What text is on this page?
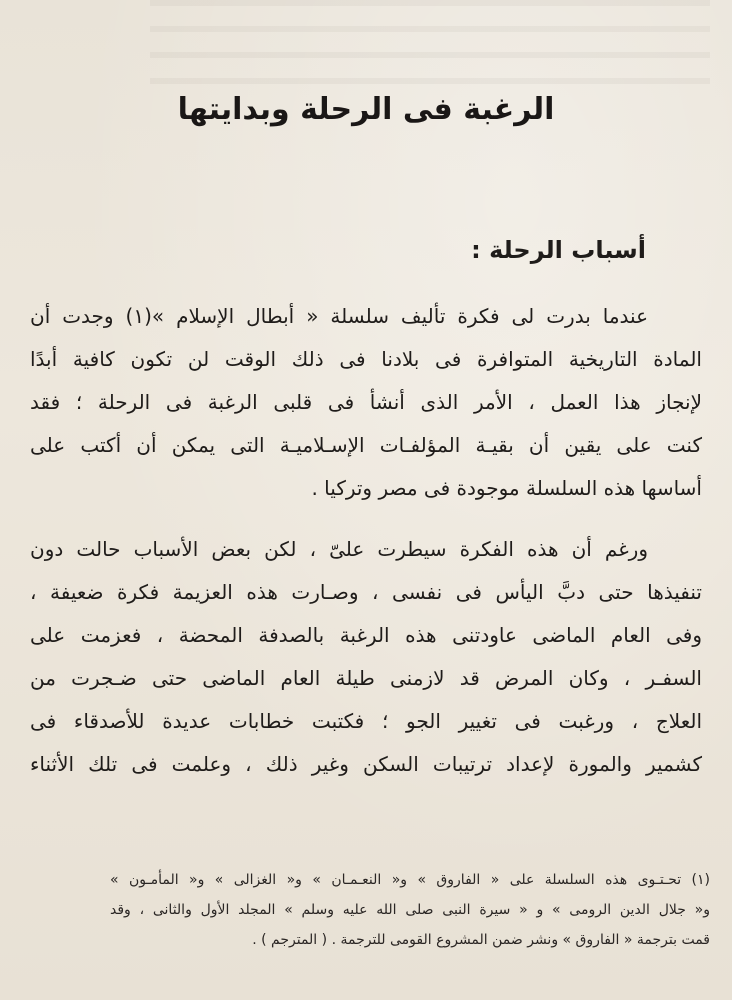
الرغبة فى الرحلة وبدايتها
أسباب الرحلة :
عندما بدرت لى فكرة تأليف سلسلة « أبطال الإسلام »(١) وجدت أن
المادة التاريخية المتوافرة فى بلادنا فى ذلك الوقت لن تكون كافية أبدًا
لإنجاز هذا العمل ، الأمر الذى أنشأ فى قلبى الرغبة فى الرحلة ؛ فقد
كنت على يقين أن بقيـة المؤلفـات الإسـلاميـة التى يمكن أن أكتب على
أساسها هذه السلسلة موجودة فى مصر وتركيا .
ورغم أن هذه الفكرة سيطرت علىّ ، لكن بعض الأسباب حالت دون
تنفيذها حتى دبَّ اليأس فى نفسى ، وصـارت هذه العزيمة فكرة ضعيفة ،
وفى العام الماضى عاودتنى هذه الرغبة بالصدفة المحضة ، فعزمت على
السفـر ، وكان المرض قد لازمنى طيلة العام الماضى حتى ضـجرت من
العلاج ، ورغبت فى تغيير الجو ؛ فكتبت خطابات عديدة للأصدقاء فى
كشمير والمورة لإعداد ترتيبات السكن وغير ذلك ، وعلمت فى تلك الأثناء
(١) تحـتـوى هذه السلسلة على « الفاروق » و« النعـمـان » و« الغزالى » و« المأمـون »
و« جلال الدين الرومى » و « سيرة النبى صلى الله عليه وسلم » المجلد الأول والثانى ، وقد
قمت بترجمة « الفاروق » ونشر ضمن المشروع القومى للترجمة . ( المترجم ) .
